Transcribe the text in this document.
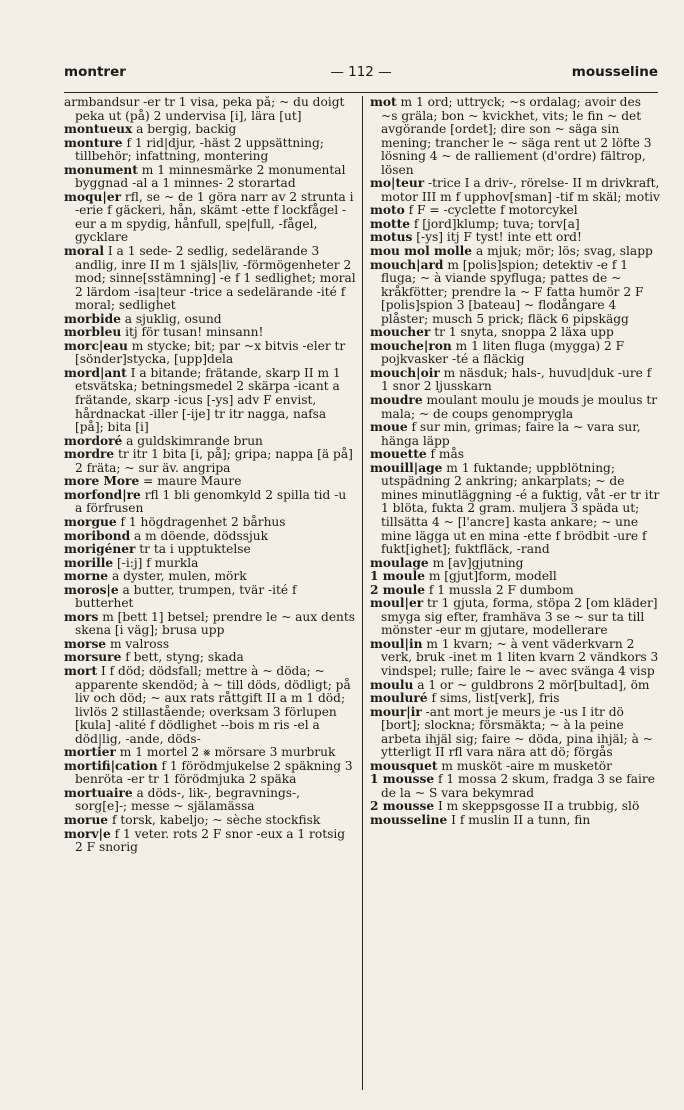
montrer	— 112 —	mousseline

armbandsur -er tr 1 visa, peka på; ~ du doigt peka ut (på) 2 undervisa [i], lära [ut]

montueux a bergig, backig

monture f 1 rid|djur, -häst 2 uppsättning; tillbehör; infattning, montering

monument m 1 minnesmärke 2 monumental byggnad -al a 1 minnes- 2 storartad

moqu|er rfl, se ~ de 1 göra narr av 2 strunta i -erie f gäckeri, hån, skämt -ette f lockfågel -eur a m spydig, hånfull, spe|full, -fågel, gycklare

moral I a 1 sede- 2 sedlig, sedelärande 3 andlig, inre II m 1 själs|liv, -förmögenheter 2 mod; sinne[sstämning] -e f 1 sedlighet; moral 2 lärdom -isa|teur -trice a sedelärande -ité f moral; sedlighet

morbide a sjuklig, osund

morbleu itj för tusan! minsann!

morc|eau m stycke; bit; par ~x bitvis -eler tr [sönder]stycka, [upp]dela

mord|ant I a bitande; frätande, skarp II m 1 etsvätska; betningsmedel 2 skärpa -icant a frätande, skarp -icus [-ys] adv F envist, hårdnackat -iller [-ije] tr itr nagga, nafsa [på]; bita [i]

mordoré a guldskimrande brun

mordre tr itr 1 bita [i, på]; gripa; nappa [ä på] 2 fräta; ~ sur äv. angripa

more More = maure Maure

morfond|re rfl 1 bli genomkyld 2 spilla tid -u a förfrusen

morgue f 1 högdragenhet 2 bårhus

moribond a m döende, dödssjuk

morigéner tr ta i upptuktelse

morille [-i:j] f murkla

morne a dyster, mulen, mörk

moros|e a butter, trumpen, tvär -ité f butterhet

mors m [bett 1] betsel; prendre le ~ aux dents skena [i väg]; brusa upp

morse m valross

morsure f bett, styng; skada

mort I f död; dödsfall; mettre à ~ döda; ~ apparente skendöd; à ~ till döds, dödligt; på liv och död; ~ aux rats råttgift II a m 1 död; livlös 2 stillastående; overksam 3 förlupen [kula] -alité f dödlighet --bois m ris -el a död|lig, -ande, döds-

mortier m 1 mortel 2 ⨳ mörsare 3 murbruk

mortifi|cation f 1 förödmjukelse 2 späkning 3 benröta -er tr 1 förödmjuka 2 späka

mortuaire a döds-, lik-, begravnings-, sorg[e]-; messe ~ själamässa

morue f torsk, kabeljo; ~ sèche stockfisk

morv|e f 1 veter. rots 2 F snor -eux a 1 rotsig 2 F snorig

mot m 1 ord; uttryck; ~s ordalag; avoir des ~s gräla; bon ~ kvickhet, vits; le fin ~ det avgörande [ordet]; dire son ~ säga sin mening; trancher le ~ säga rent ut 2 löfte 3 lösning 4 ~ de ralliement (d'ordre) fältrop, lösen

mo|teur -trice I a driv-, rörelse- II m drivkraft, motor III m f upphov[sman] -tif m skäl; motiv

moto f F = -cyclette f motorcykel

motte f [jord]klump; tuva; torv[a]

motus [-ys] itj F tyst! inte ett ord!

mou mol molle a mjuk; mör; lös; svag, slapp

mouch|ard m [polis]spion; detektiv -e f 1 fluga; ~ à viande spyfluga; pattes de ~ kråkfötter; prendre la ~ F fatta humör 2 F [polis]spion 3 [bateau] ~ flodångare 4 plåster; musch 5 prick; fläck 6 pipskägg

moucher tr 1 snyta, snoppa 2 läxa upp

mouche|ron m 1 liten fluga (mygga) 2 F pojkvasker -té a fläckig

mouch|oir m näsduk; hals-, huvud|duk -ure f 1 snor 2 ljusskarn

moudre moulant moulu je mouds je moulus tr mala; ~ de coups genomprygla

moue f sur min, grimas; faire la ~ vara sur, hänga läpp

mouette f mås

mouill|age m 1 fuktande; uppblötning; utspädning 2 ankring; ankarplats; ~ de mines minutläggning -é a fuktig, våt -er tr itr 1 blöta, fukta 2 gram. muljera 3 späda ut; tillsätta 4 ~ [l'ancre] kasta ankare; ~ une mine lägga ut en mina -ette f brödbit -ure f fukt[ighet]; fuktfläck, -rand

moulage m [av]gjutning

1 moule m [gjut]form, modell

2 moule f 1 mussla 2 F dumbom

moul|er tr 1 gjuta, forma, stöpa 2 [om kläder] smyga sig efter, framhäva 3 se ~ sur ta till mönster -eur m gjutare, modellerare

moul|in m 1 kvarn; ~ à vent väderkvarn 2 verk, bruk -inet m 1 liten kvarn 2 vändkors 3 vindspel; rulle; faire le ~ avec svänga 4 visp

moulu a 1 or ~ guldbrons 2 mör[bultad], öm

mouluré f sims, list[verk], fris

mour|ir -ant mort je meurs je -us I itr dö [bort]; slockna; försmäkta; ~ à la peine arbeta ihjäl sig; faire ~ döda, pina ihjäl; à ~ ytterligt II rfl vara nära att dö; förgås

mousquet m musköt -aire m musketör

1 mousse f 1 mossa 2 skum, fradga 3 se faire de la ~ S vara bekymrad

2 mousse I m skeppsgosse II a trubbig, slö

mousseline I f muslin II a tunn, fin
